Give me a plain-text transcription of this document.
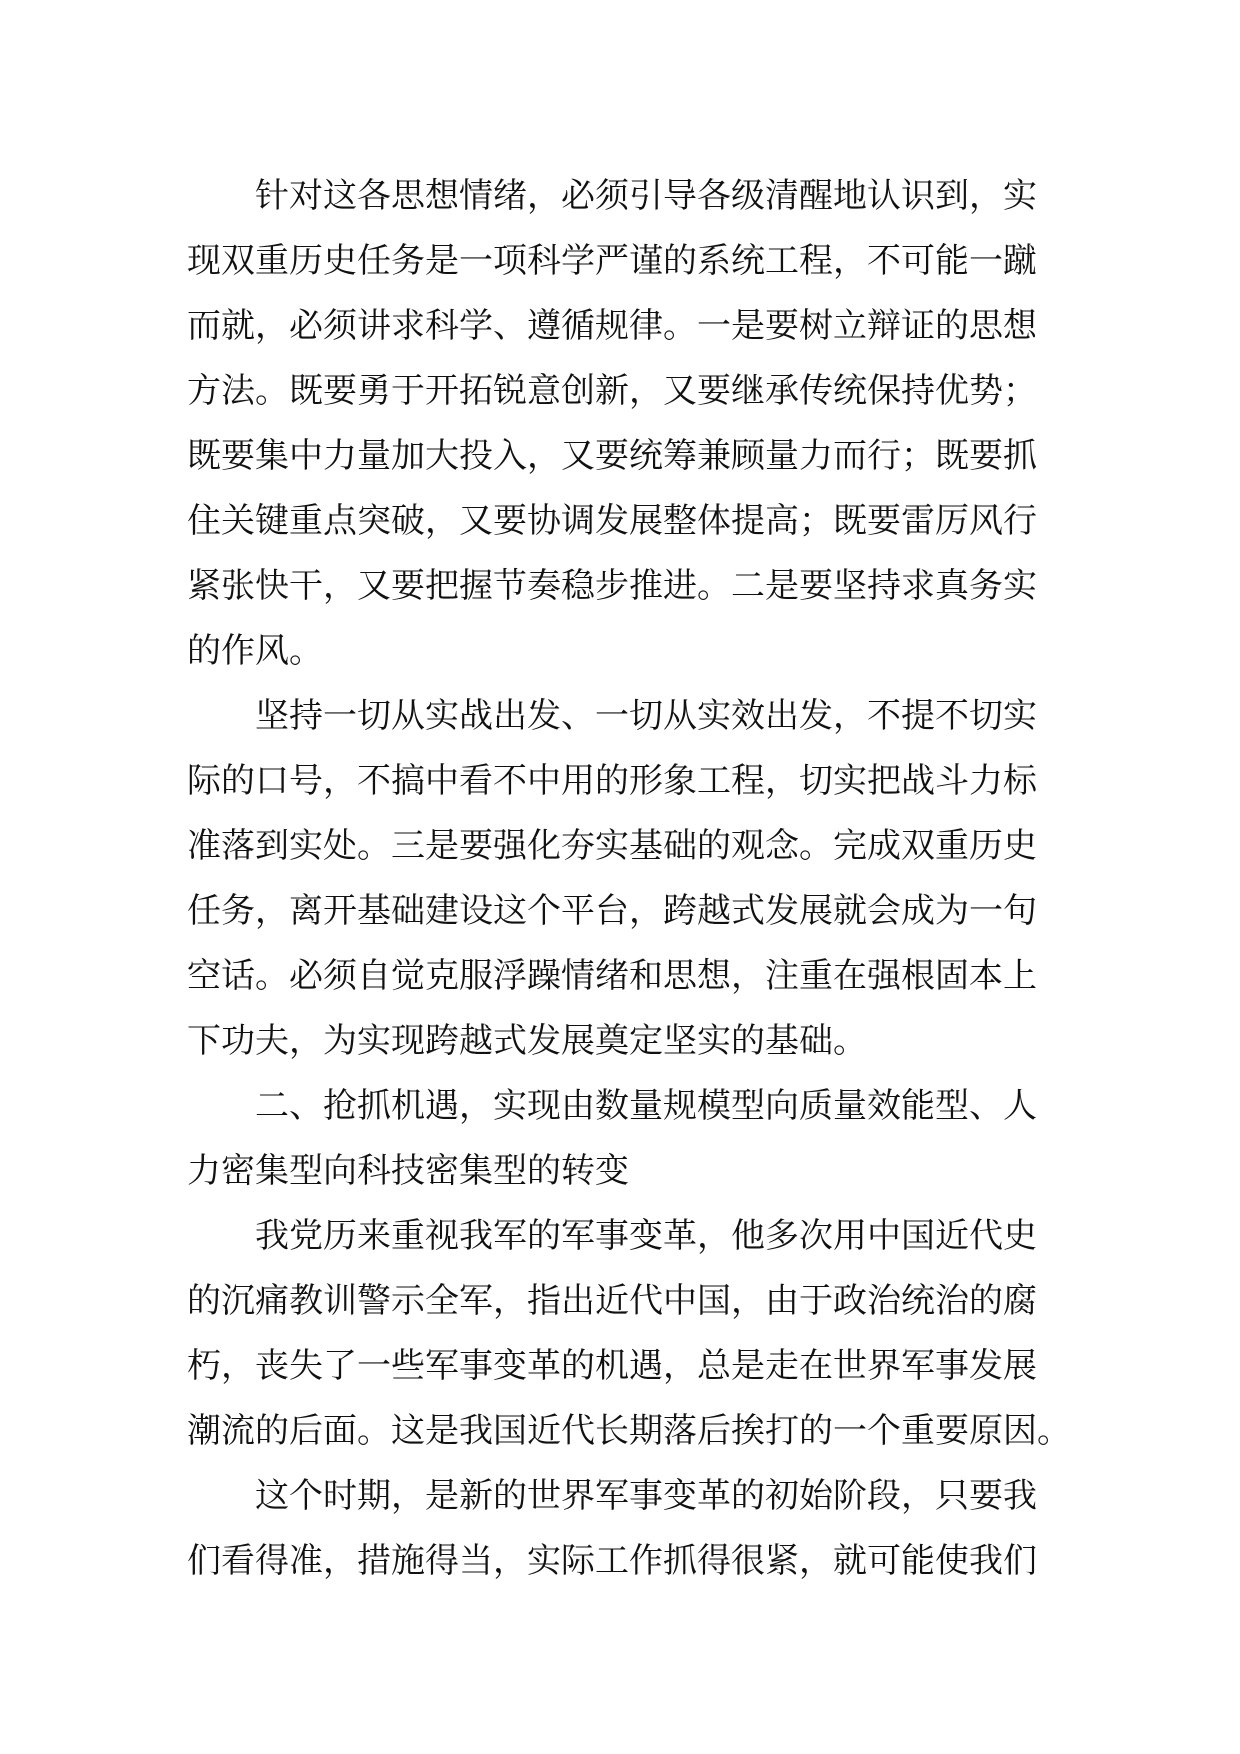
针对这各思想情绪，必须引导各级清醒地认识到，实
现双重历史任务是一项科学严谨的系统工程，不可能一蹴
而就，必须讲求科学、遵循规律。一是要树立辩证的思想
方法。既要勇于开拓锐意创新，又要继承传统保持优势；
既要集中力量加大投入，又要统筹兼顾量力而行；既要抓
住关键重点突破，又要协调发展整体提高；既要雷厉风行
紧张快干，又要把握节奏稳步推进。二是要坚持求真务实
的作风。

坚持一切从实战出发、一切从实效出发，不提不切实
际的口号，不搞中看不中用的形象工程，切实把战斗力标
准落到实处。三是要强化夯实基础的观念。完成双重历史
任务，离开基础建设这个平台，跨越式发展就会成为一句
空话。必须自觉克服浮躁情绪和思想，注重在强根固本上
下功夫，为实现跨越式发展奠定坚实的基础。

二、抢抓机遇，实现由数量规模型向质量效能型、人
力密集型向科技密集型的转变

我党历来重视我军的军事变革，他多次用中国近代史
的沉痛教训警示全军，指出近代中国，由于政治统治的腐
朽，丧失了一些军事变革的机遇，总是走在世界军事发展
潮流的后面。这是我国近代长期落后挨打的一个重要原因。

这个时期，是新的世界军事变革的初始阶段，只要我
们看得准，措施得当，实际工作抓得很紧，就可能使我们
